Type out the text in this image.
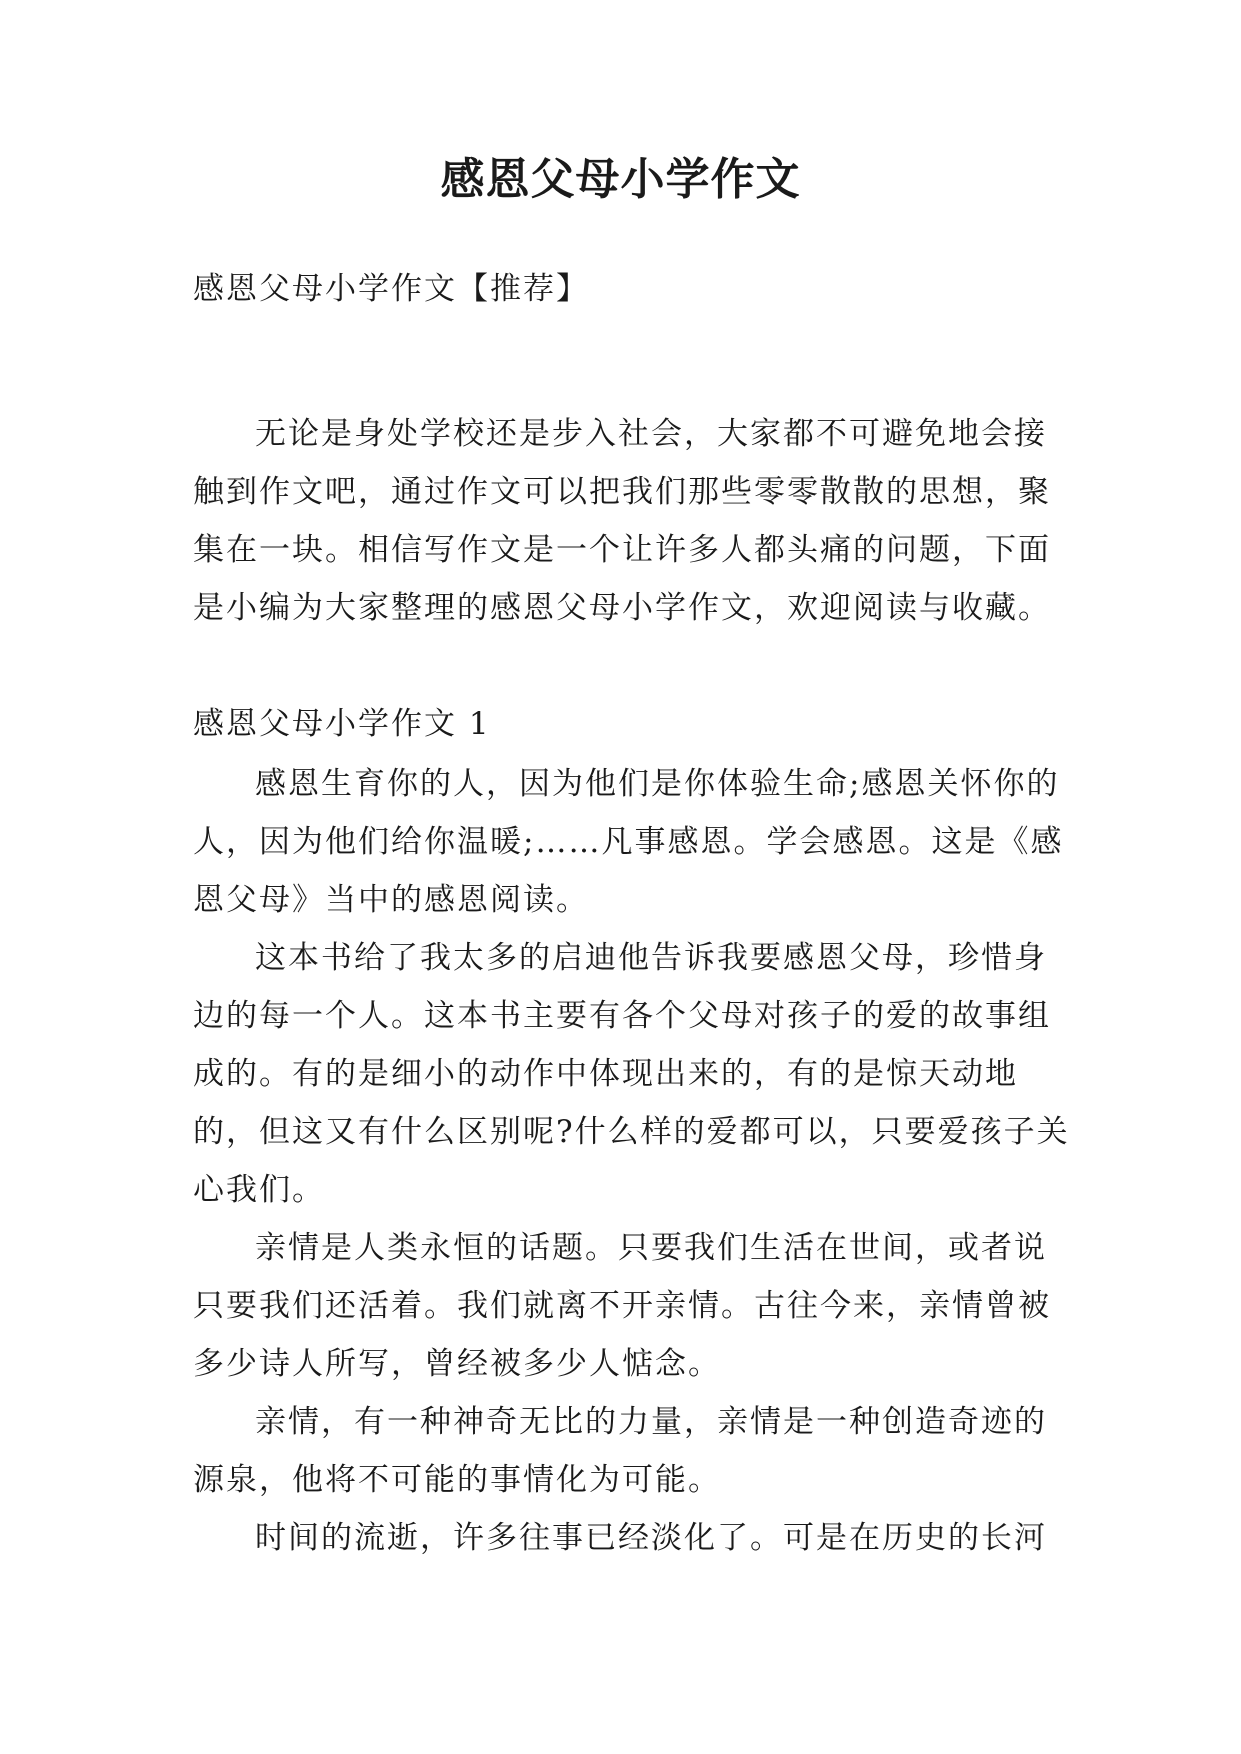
感恩父母小学作文

感恩父母小学作文【推荐】

无论是身处学校还是步入社会，大家都不可避免地会接触到作文吧，通过作文可以把我们那些零零散散的思想，聚集在一块。相信写作文是一个让许多人都头痛的问题，下面是小编为大家整理的感恩父母小学作文，欢迎阅读与收藏。

感恩父母小学作文 1

感恩生育你的人，因为他们是你体验生命;感恩关怀你的人，因为他们给你温暖;……凡事感恩。学会感恩。这是《感恩父母》当中的感恩阅读。

这本书给了我太多的启迪他告诉我要感恩父母，珍惜身边的每一个人。这本书主要有各个父母对孩子的爱的故事组成的。有的是细小的动作中体现出来的，有的是惊天动地的，但这又有什么区别呢?什么样的爱都可以，只要爱孩子关心我们。

亲情是人类永恒的话题。只要我们生活在世间，或者说只要我们还活着。我们就离不开亲情。古往今来，亲情曾被多少诗人所写，曾经被多少人惦念。

亲情，有一种神奇无比的力量，亲情是一种创造奇迹的源泉，他将不可能的事情化为可能。

时间的流逝，许多往事已经淡化了。可是在历史的长河
